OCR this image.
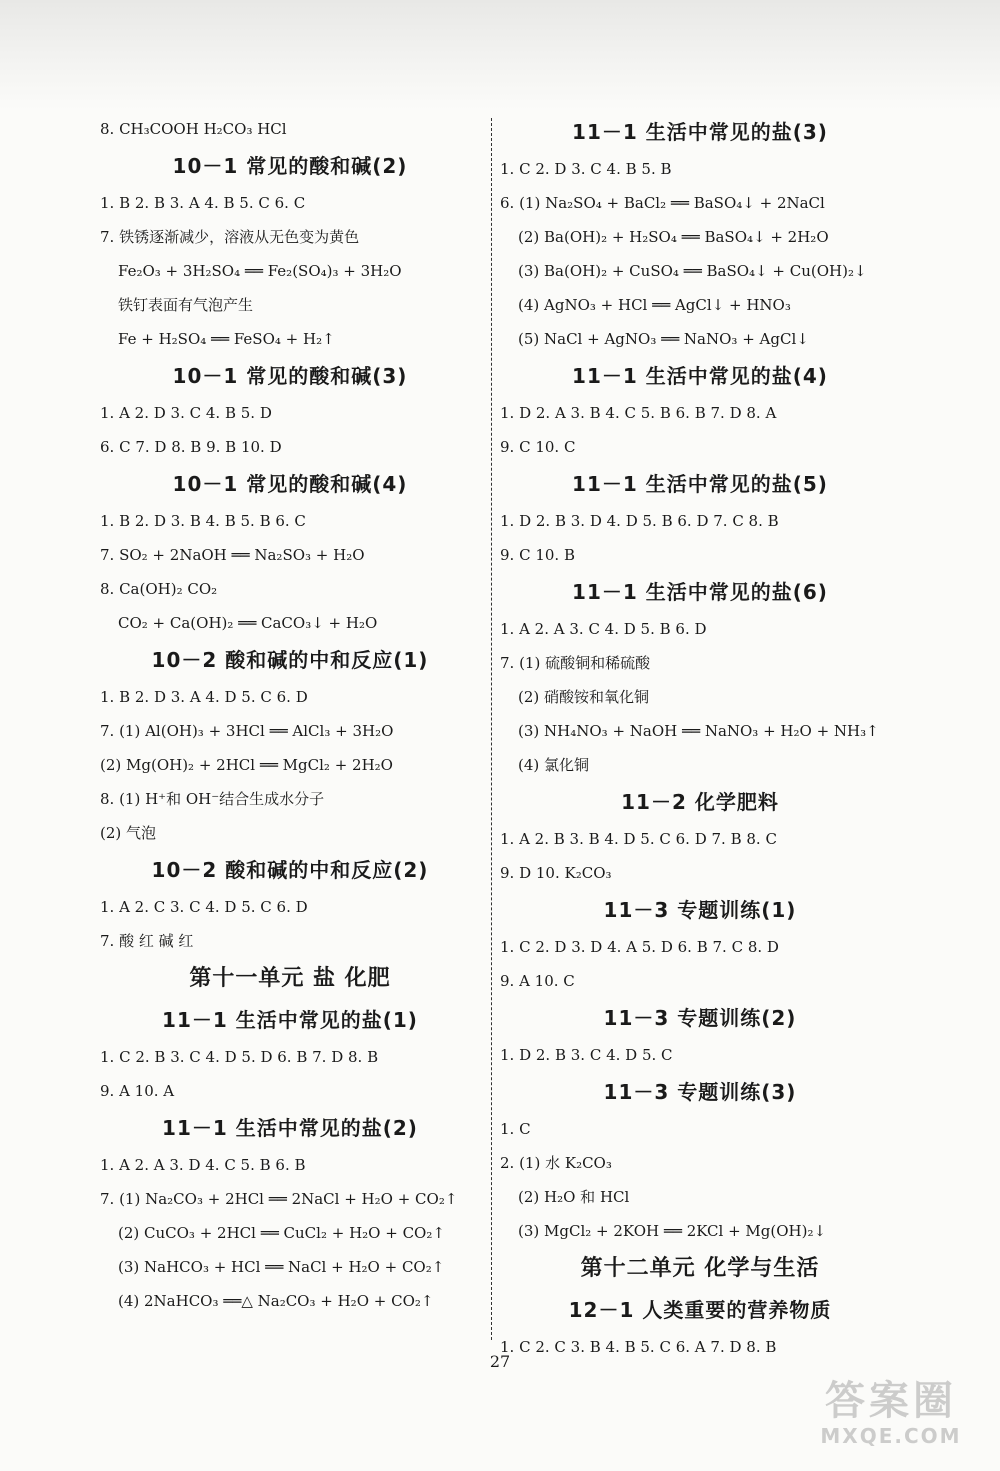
8. CH₃COOH H₂CO₃ HCl
10－1 常见的酸和碱(2)
1. B 2. B 3. A 4. B 5. C 6. C
7. 铁锈逐渐减少，溶液从无色变为黄色
Fe₂O₃ + 3H₂SO₄ ══ Fe₂(SO₄)₃ + 3H₂O
铁钉表面有气泡产生
Fe + H₂SO₄ ══ FeSO₄ + H₂↑
10－1 常见的酸和碱(3)
1. A 2. D 3. C 4. B 5. D
6. C 7. D 8. B 9. B 10. D
10－1 常见的酸和碱(4)
1. B 2. D 3. B 4. B 5. B 6. C
7. SO₂ + 2NaOH ══ Na₂SO₃ + H₂O
8. Ca(OH)₂ CO₂
CO₂ + Ca(OH)₂ ══ CaCO₃↓ + H₂O
10－2 酸和碱的中和反应(1)
1. B 2. D 3. A 4. D 5. C 6. D
7. (1) Al(OH)₃ + 3HCl ══ AlCl₃ + 3H₂O
(2) Mg(OH)₂ + 2HCl ══ MgCl₂ + 2H₂O
8. (1) H⁺和 OH⁻结合生成水分子
(2) 气泡
10－2 酸和碱的中和反应(2)
1. A 2. C 3. C 4. D 5. C 6. D
7. 酸 红 碱 红
第十一单元 盐 化肥
11－1 生活中常见的盐(1)
1. C 2. B 3. C 4. D 5. D 6. B 7. D 8. B
9. A 10. A
11－1 生活中常见的盐(2)
1. A 2. A 3. D 4. C 5. B 6. B
7. (1) Na₂CO₃ + 2HCl ══ 2NaCl + H₂O + CO₂↑
(2) CuCO₃ + 2HCl ══ CuCl₂ + H₂O + CO₂↑
(3) NaHCO₃ + HCl ══ NaCl + H₂O + CO₂↑
(4) 2NaHCO₃ ══△ Na₂CO₃ + H₂O + CO₂↑
11－1 生活中常见的盐(3)
1. C 2. D 3. C 4. B 5. B
6. (1) Na₂SO₄ + BaCl₂ ══ BaSO₄↓ + 2NaCl
(2) Ba(OH)₂ + H₂SO₄ ══ BaSO₄↓ + 2H₂O
(3) Ba(OH)₂ + CuSO₄ ══ BaSO₄↓ + Cu(OH)₂↓
(4) AgNO₃ + HCl ══ AgCl↓ + HNO₃
(5) NaCl + AgNO₃ ══ NaNO₃ + AgCl↓
11－1 生活中常见的盐(4)
1. D 2. A 3. B 4. C 5. B 6. B 7. D 8. A
9. C 10. C
11－1 生活中常见的盐(5)
1. D 2. B 3. D 4. D 5. B 6. D 7. C 8. B
9. C 10. B
11－1 生活中常见的盐(6)
1. A 2. A 3. C 4. D 5. B 6. D
7. (1) 硫酸铜和稀硫酸
(2) 硝酸铵和氧化铜
(3) NH₄NO₃ + NaOH ══ NaNO₃ + H₂O + NH₃↑
(4) 氯化铜
11－2 化学肥料
1. A 2. B 3. B 4. D 5. C 6. D 7. B 8. C
9. D 10. K₂CO₃
11－3 专题训练(1)
1. C 2. D 3. D 4. A 5. D 6. B 7. C 8. D
9. A 10. C
11－3 专题训练(2)
1. D 2. B 3. C 4. D 5. C
11－3 专题训练(3)
1. C
2. (1) 水 K₂CO₃
(2) H₂O 和 HCl
(3) MgCl₂ + 2KOH ══ 2KCl + Mg(OH)₂↓
第十二单元 化学与生活
12－1 人类重要的营养物质
1. C 2. C 3. B 4. B 5. C 6. A 7. D 8. B
27
答案圈
MXQE.COM
